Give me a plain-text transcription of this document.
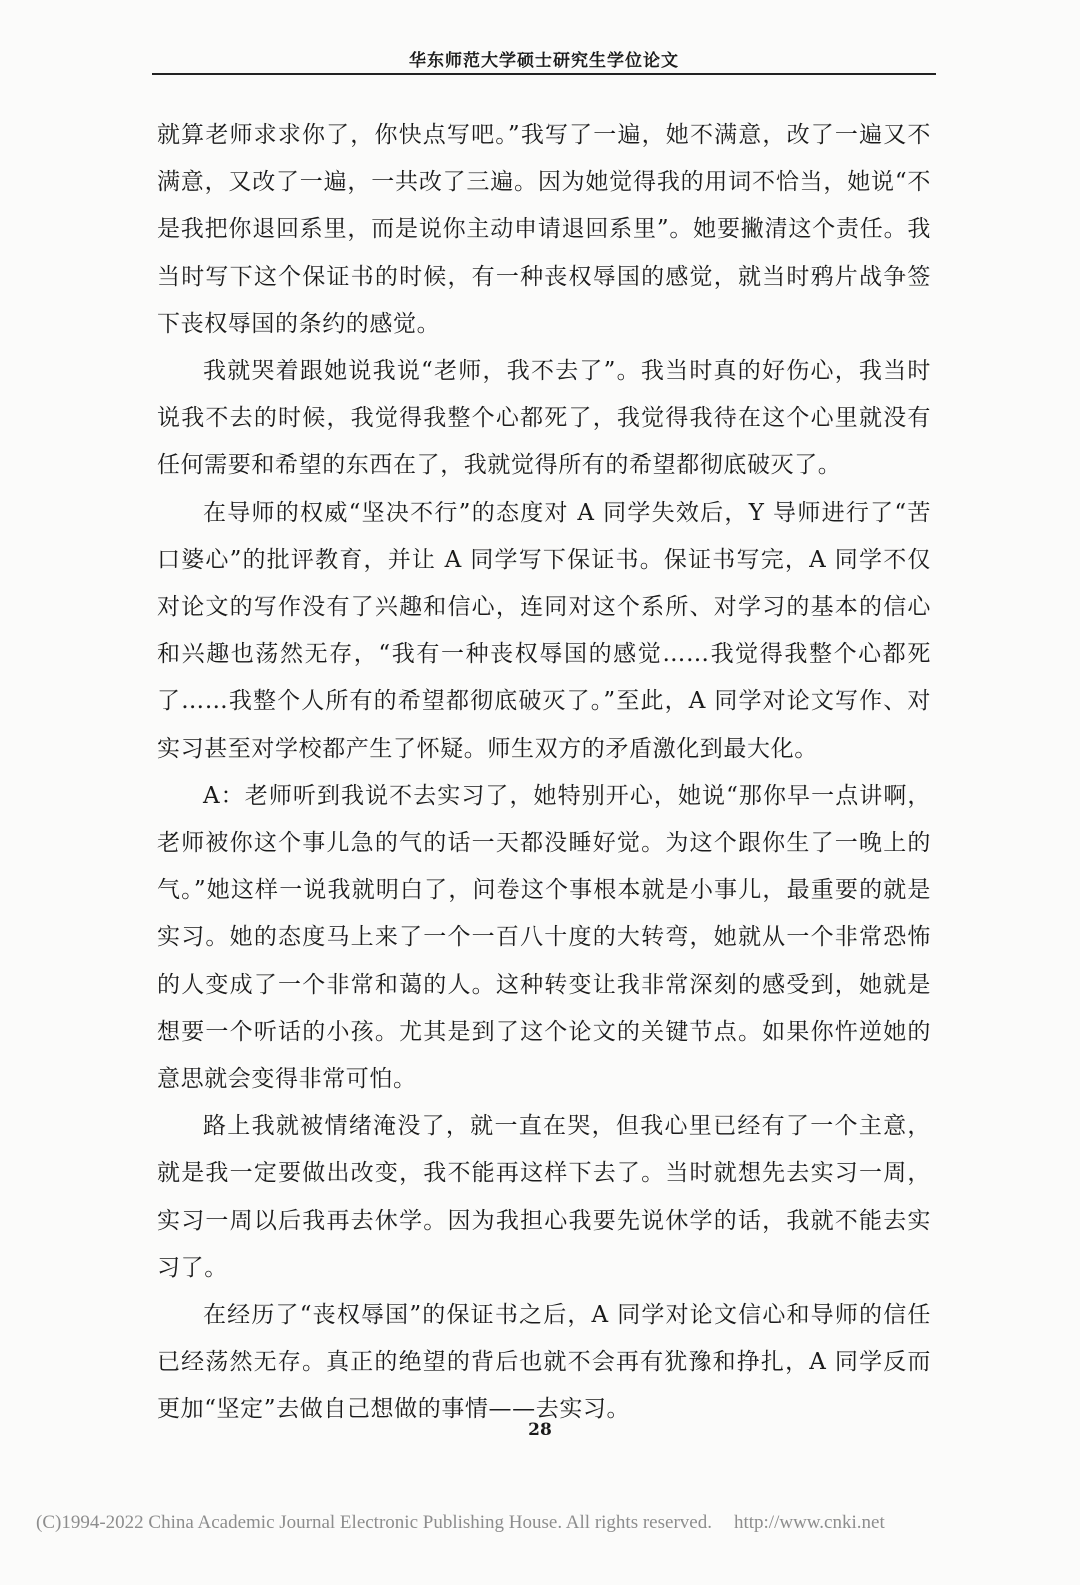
华东师范大学硕士研究生学位论文

就算老师求求你了，你快点写吧。”我写了一遍，她不满意，改了一遍又不满意，又改了一遍，一共改了三遍。因为她觉得我的用词不恰当，她说“不是我把你退回系里，而是说你主动申请退回系里”。她要撇清这个责任。我当时写下这个保证书的时候，有一种丧权辱国的感觉，就当时鸦片战争签下丧权辱国的条约的感觉。

我就哭着跟她说我说“老师，我不去了”。我当时真的好伤心，我当时说我不去的时候，我觉得我整个心都死了，我觉得我待在这个心里就没有任何需要和希望的东西在了，我就觉得所有的希望都彻底破灭了。

在导师的权威“坚决不行”的态度对 A 同学失效后，Y 导师进行了“苦口婆心”的批评教育，并让 A 同学写下保证书。保证书写完，A 同学不仅对论文的写作没有了兴趣和信心，连同对这个系所、对学习的基本的信心和兴趣也荡然无存，“我有一种丧权辱国的感觉……我觉得我整个心都死了……我整个人所有的希望都彻底破灭了。”至此，A 同学对论文写作、对实习甚至对学校都产生了怀疑。师生双方的矛盾激化到最大化。

A：老师听到我说不去实习了，她特别开心，她说“那你早一点讲啊，老师被你这个事儿急的气的话一天都没睡好觉。为这个跟你生了一晚上的气。”她这样一说我就明白了，问卷这个事根本就是小事儿，最重要的就是实习。她的态度马上来了一个一百八十度的大转弯，她就从一个非常恐怖的人变成了一个非常和蔼的人。这种转变让我非常深刻的感受到，她就是想要一个听话的小孩。尤其是到了这个论文的关键节点。如果你忤逆她的意思就会变得非常可怕。

路上我就被情绪淹没了，就一直在哭，但我心里已经有了一个主意，就是我一定要做出改变，我不能再这样下去了。当时就想先去实习一周，实习一周以后我再去休学。因为我担心我要先说休学的话，我就不能去实习了。

在经历了“丧权辱国”的保证书之后，A 同学对论文信心和导师的信任已经荡然无存。真正的绝望的背后也就不会再有犹豫和挣扎，A 同学反而更加“坚定”去做自己想做的事情——去实习。

28
(C)1994-2022 China Academic Journal Electronic Publishing House. All rights reserved. http://www.cnki.net
